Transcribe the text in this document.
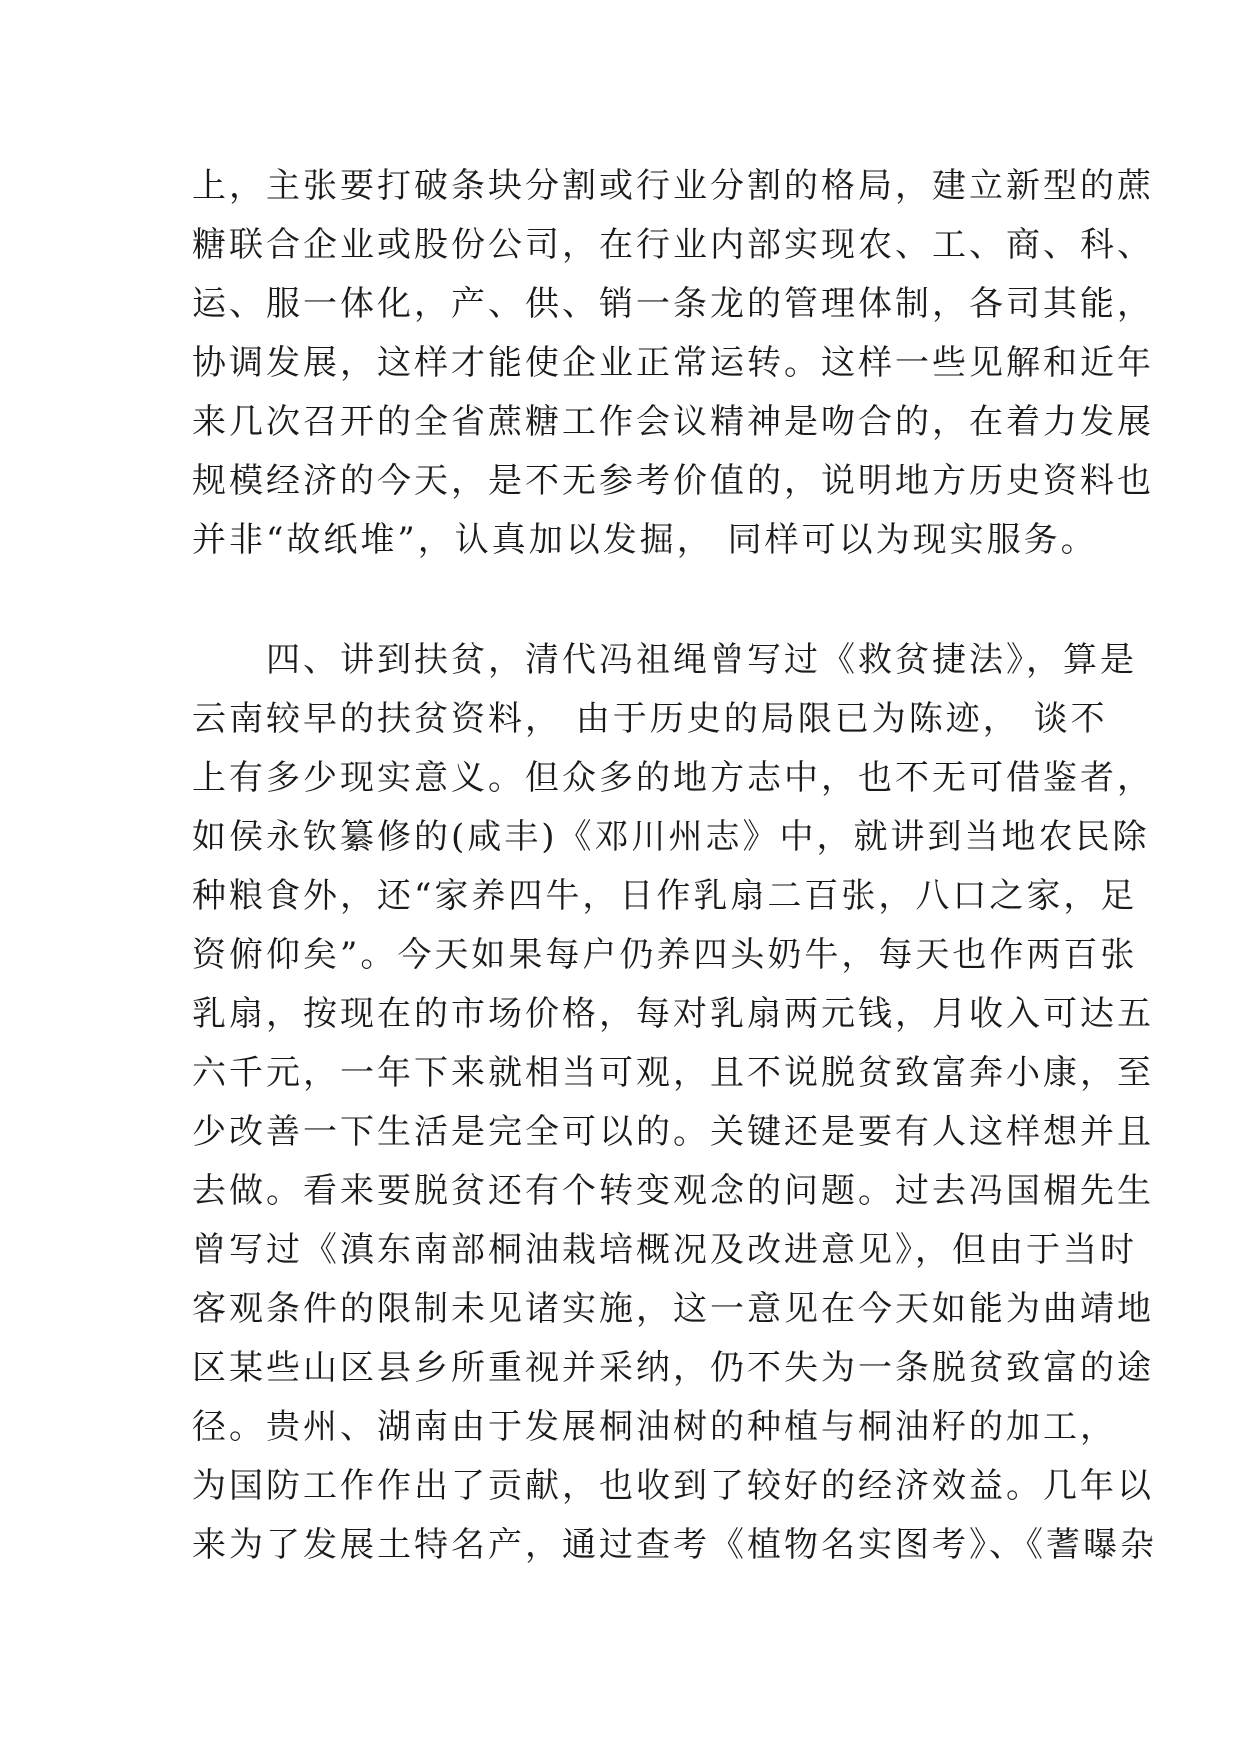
上，主张要打破条块分割或行业分割的格局，建立新型的蔗
糖联合企业或股份公司，在行业内部实现农、工、商、科、
运、服一体化，产、供、销一条龙的管理体制，各司其能，
协调发展，这样才能使企业正常运转。这样一些见解和近年
来几次召开的全省蔗糖工作会议精神是吻合的，在着力发展
规模经济的今天，是不无参考价值的，说明地方历史资料也
并非“故纸堆”，认真加以发掘， 同样可以为现实服务。
　　四、讲到扶贫，清代冯祖绳曾写过《救贫捷法》，算是
云南较早的扶贫资料， 由于历史的局限已为陈迹， 谈不
上有多少现实意义。但众多的地方志中，也不无可借鉴者，
如侯永钦纂修的(咸丰)《邓川州志》中，就讲到当地农民除
种粮食外，还“家养四牛，日作乳扇二百张，八口之家，足
资俯仰矣”。今天如果每户仍养四头奶牛，每天也作两百张
乳扇，按现在的市场价格，每对乳扇两元钱，月收入可达五
六千元，一年下来就相当可观，且不说脱贫致富奔小康，至
少改善一下生活是完全可以的。关键还是要有人这样想并且
去做。看来要脱贫还有个转变观念的问题。过去冯国楣先生
曾写过《滇东南部桐油栽培概况及改进意见》，但由于当时
客观条件的限制未见诸实施，这一意见在今天如能为曲靖地
区某些山区县乡所重视并采纳，仍不失为一条脱贫致富的途
径。贵州、湖南由于发展桐油树的种植与桐油籽的加工，
为国防工作作出了贡献，也收到了较好的经济效益。几年以
来为了发展土特名产，通过查考《植物名实图考》、《蓍曝杂
